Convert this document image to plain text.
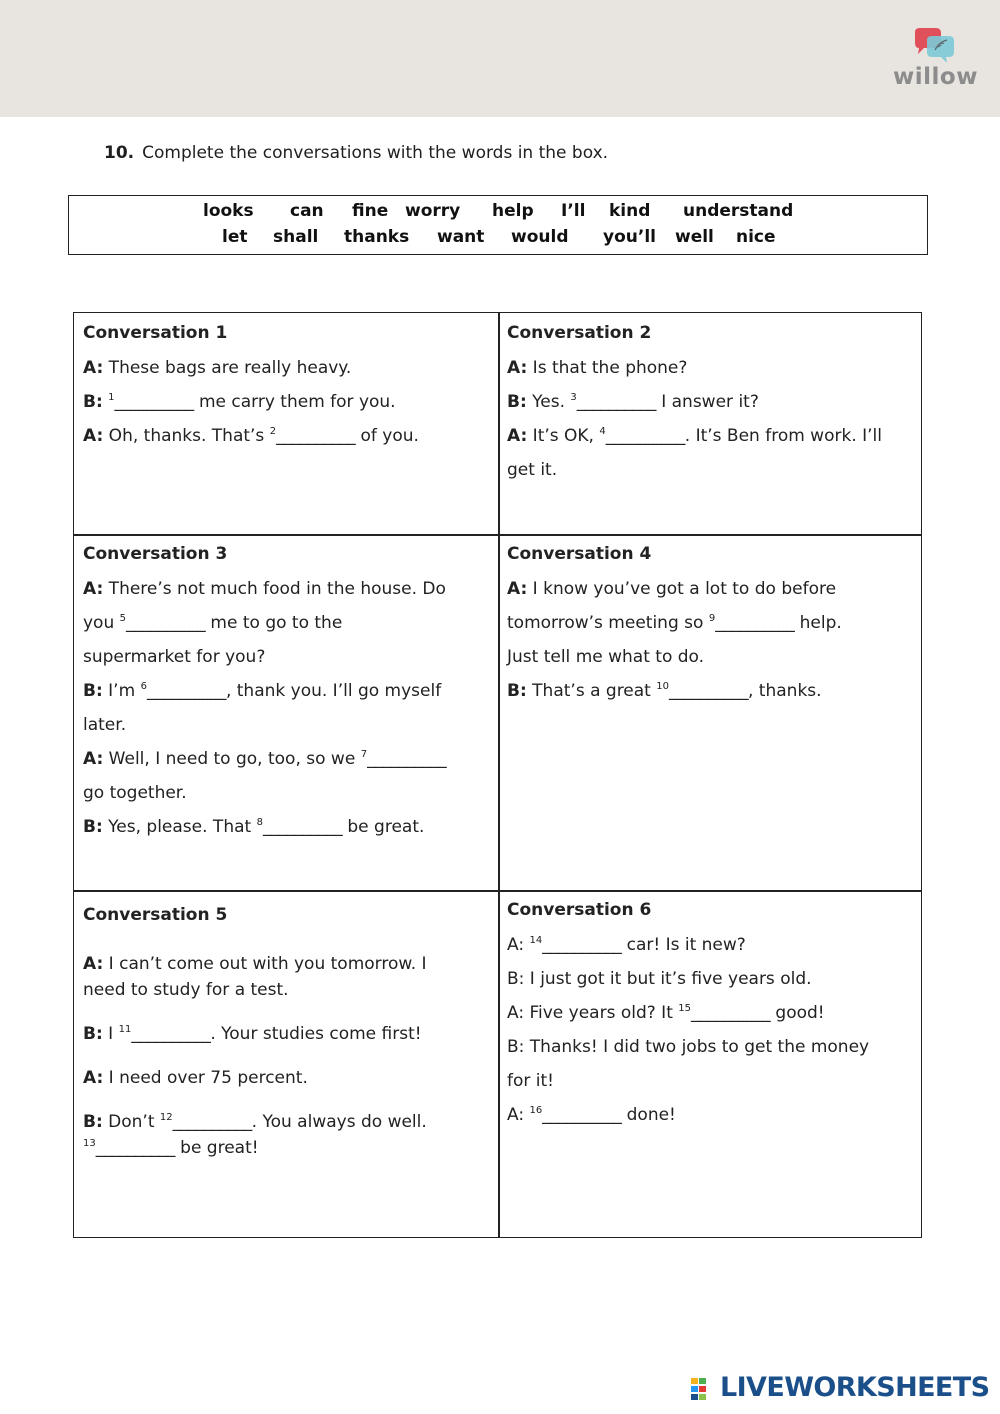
willow
10. Complete the conversations with the words in the box.
looks can fine worry help I’ll kind understand
let shall thanks want would you’ll well nice
Conversation 1
A: These bags are really heavy.
B: $^1$__________ me carry them for you.
A: Oh, thanks. That’s $^2$__________ of you.
Conversation 2
A: Is that the phone?
B: Yes. $^3$__________ I answer it?
A: It’s OK, $^4$__________. It’s Ben from work. I’ll
get it.
Conversation 3
A: There’s not much food in the house. Do
you $^5$__________ me to go to the
supermarket for you?
B: I’m $^6$__________, thank you. I’ll go myself
later.
A: Well, I need to go, too, so we $^7$__________
go together.
B: Yes, please. That $^8$__________ be great.
Conversation 4
A: I know you’ve got a lot to do before
tomorrow’s meeting so $^9$__________ help.
Just tell me what to do.
B: That’s a great $^{10}$__________, thanks.
Conversation 5
A: I can’t come out with you tomorrow. I
need to study for a test.
B: I $^{11}$__________. Your studies come first!
A: I need over 75 percent.
B: Don’t $^{12}$__________. You always do well.
$^{13}$__________ be great!
Conversation 6
A: $^{14}$__________ car! Is it new?
B: I just got it but it’s five years old.
A: Five years old? It $^{15}$__________ good!
B: Thanks! I did two jobs to get the money
for it!
A: $^{16}$__________ done!
LIVEWORKSHEETS
